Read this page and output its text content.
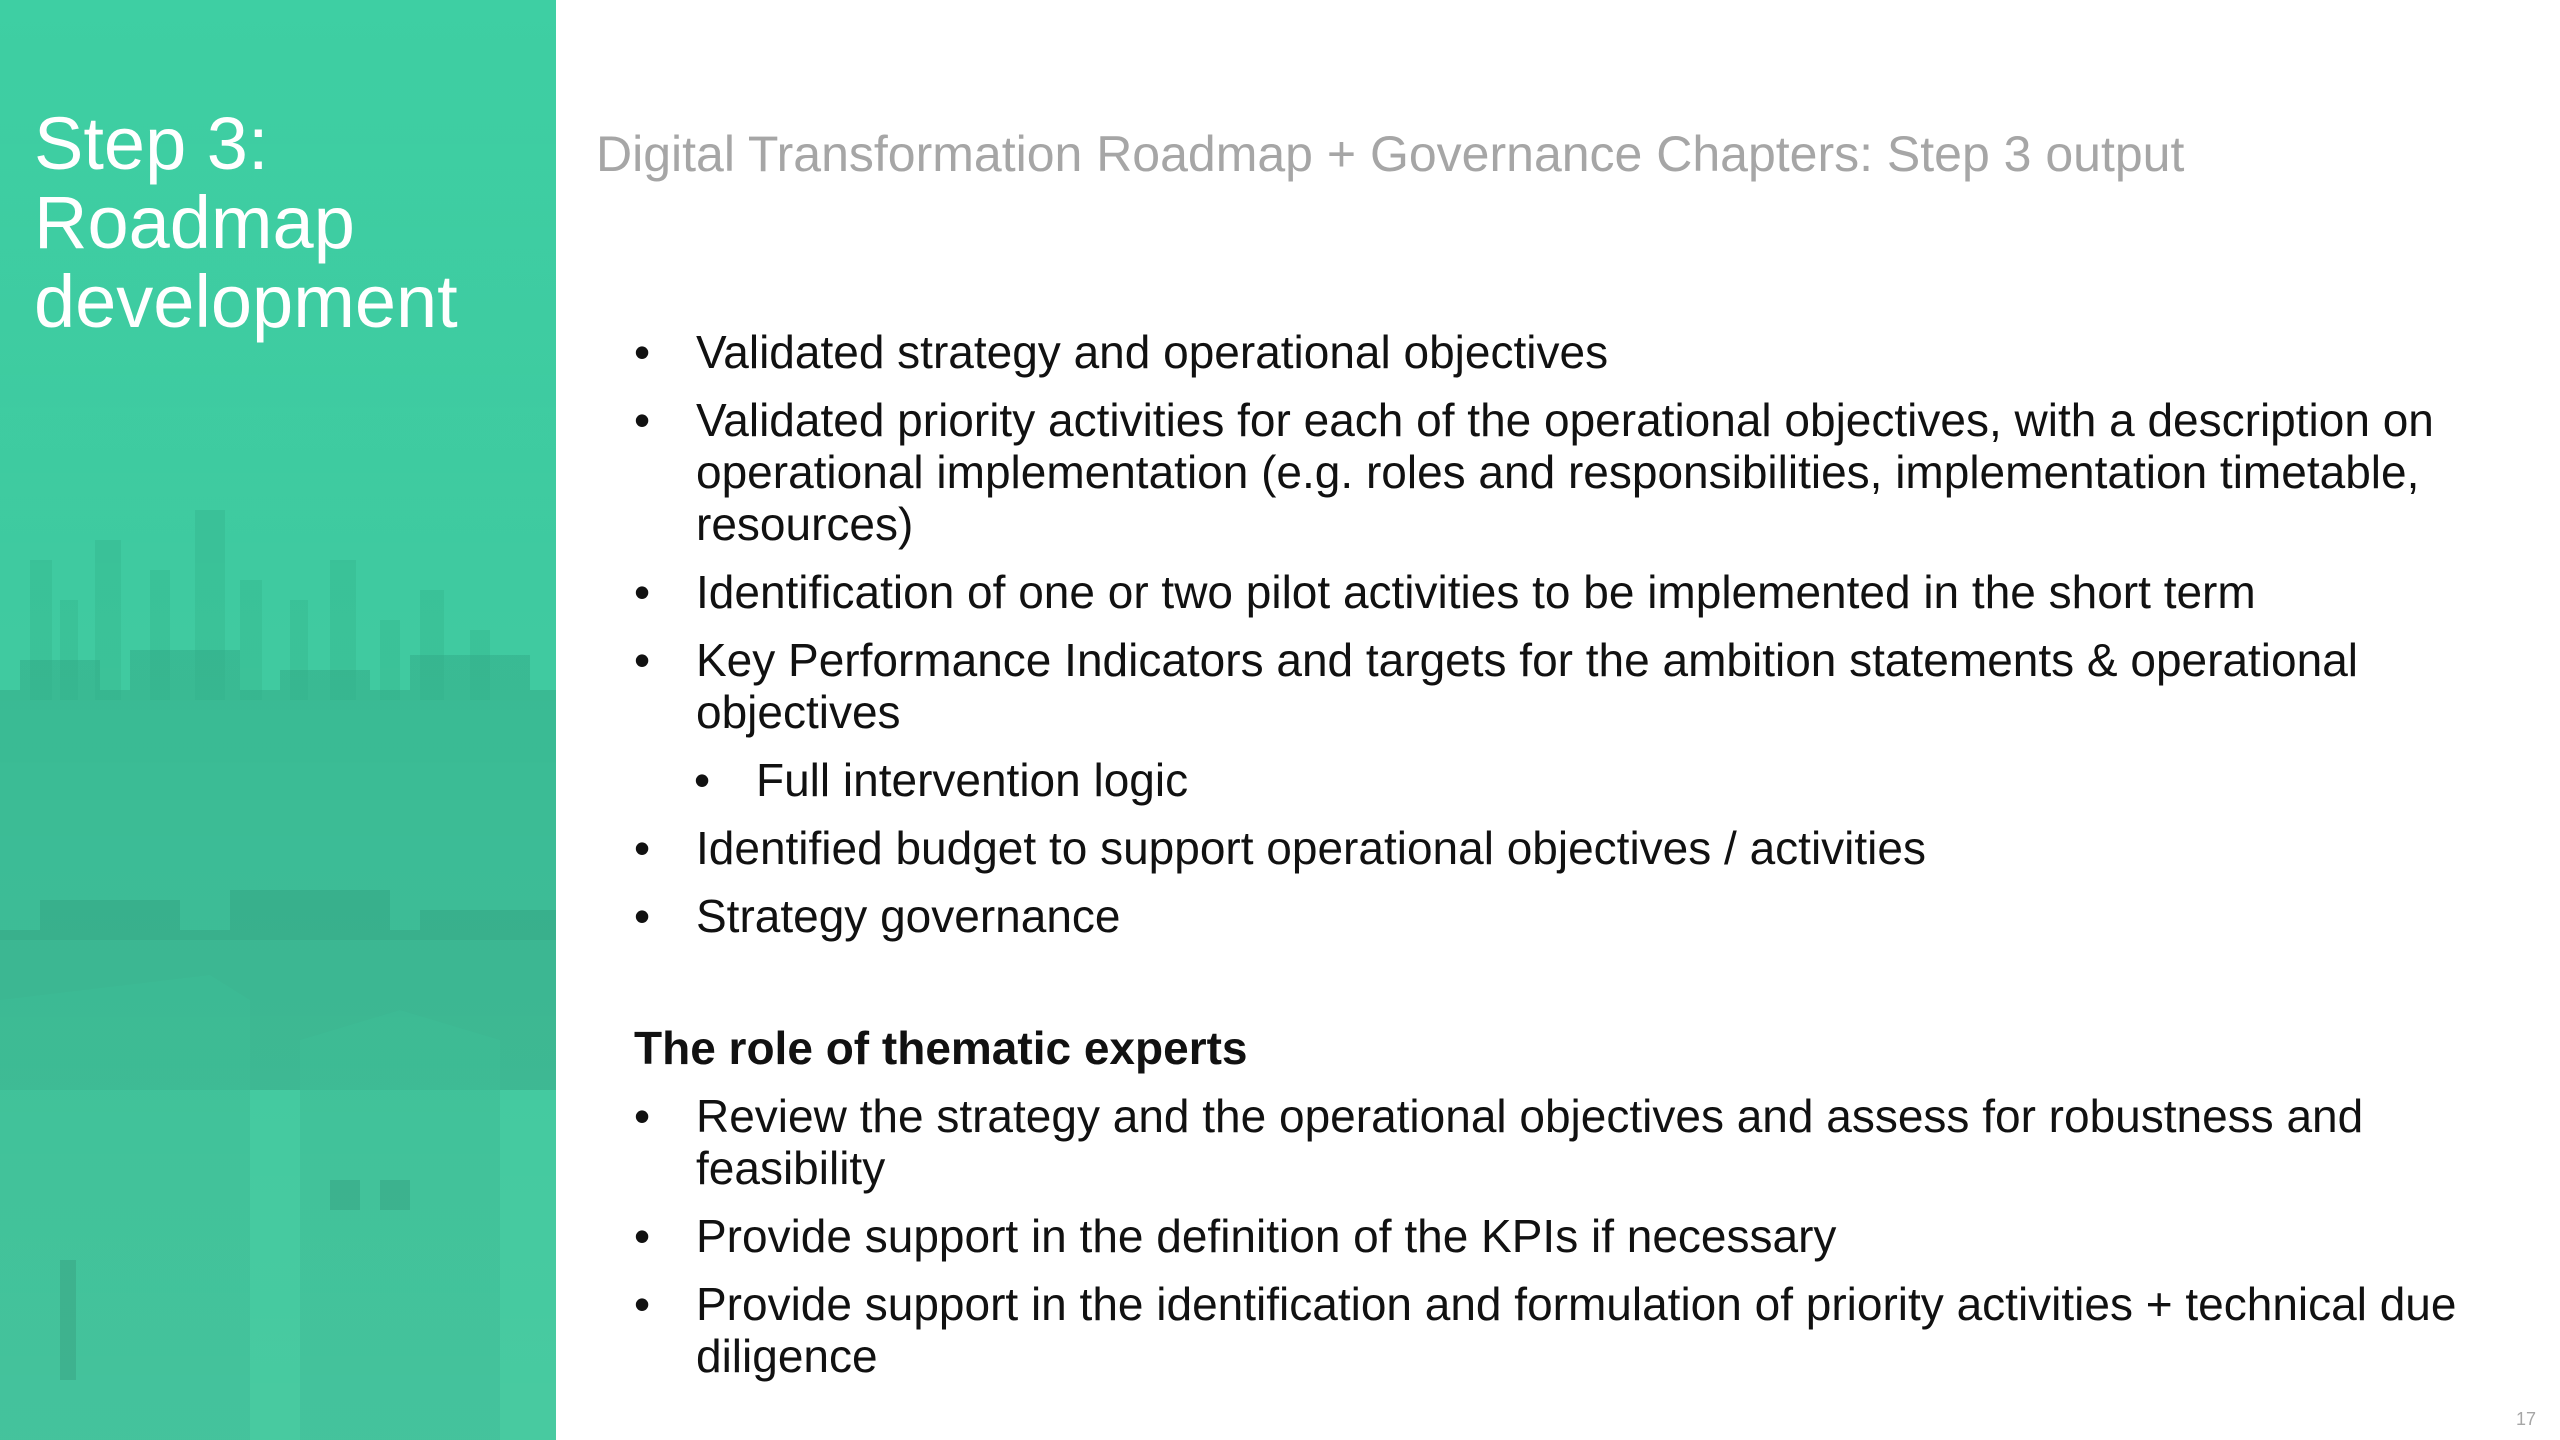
Step 3:
Roadmap
development
Digital Transformation Roadmap + Governance Chapters: Step 3 output
• Validated strategy and operational objectives
• Validated priority activities for each of the operational objectives, with a description on operational implementation (e.g. roles and responsibilities, implementation timetable, resources)
• Identification of one or two pilot activities to be implemented in the short term
• Key Performance Indicators and targets for the ambition statements & operational objectives
• Full intervention logic
• Identified budget to support operational objectives / activities
• Strategy governance
The role of thematic experts
• Review the strategy and the operational objectives and assess for robustness and feasibility
• Provide support in the definition of the KPIs if necessary
• Provide support in the identification and formulation of priority activities + technical due diligence
17
